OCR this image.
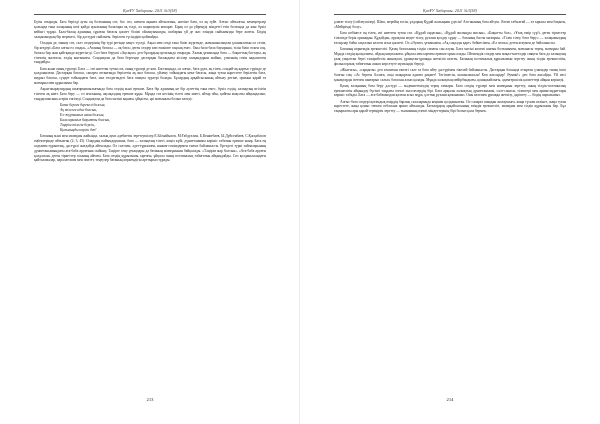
ҚазҰУ Хабаршы. 2011 №3(58)

Бүгін отырады. Батә берілді аузы оң болғанның сөз, бос сөз, шешен ақынға айтылатын, әкесіне баға, ол ақ түйе. Алғыс айтылған, кемеңгерлер қолында ғана халқының көзі қайда ауылының балалары ақ тілді, ал шаршаулы аппарат. Бірақ ол да үйренуді міндетті етіп болғанда да жан бүкіл кейінгі тұрды. Бала-балаң адамның сұраған батасы қасиет білімі ойлануымызды, шабарын үй де жас өзіндік сыйымызды бере жатты. Біздің халқымыздың бір мерекесі, бір дәстүрлі сыйлығы, берілген түсіндіріп қоймайды.

Осыдан де, мынау сөз, салт сөздерінің бір түрі ретінде кеңес түседі. Ақыл мен сөзді ғана біліп жүргенде, жаманшылықтан ұсынылатын ол сезім, бір кездері «Бата алған ел озады», «Атаның батасы — ақ бата» деген сөздер көп ешкімге таңсық емес. Оны бала-бала бауырына, тілін біліп өскен соң, батасы бар жан қайтқанда жүретін-ді. Сол бата беруші «Ақсақал» деп бұлардың ортасында отырады. Халық ұғымында бата — бақыттың бастауы, ақ тілектің жалғасы, елдің ынтымағы. Сондықтан да бата бергенде дастарқан басындағы кісілер алақандарын жайып, үлкеннің сөзін ықыласпен тыңдайды.

Бата және оның түрлері. Бата — ізгі ниеттен туған сөз, оның түрлері де көп. Бастапқыда, ол алғыс, бата дұға, ақ тілек, сондай-ақ қарғыс түрінде де қолданылған. Дастарқан батасы, сапарға аттанғанда берілетін ақ жол батасы, үйлену тойындағы неке батасы, жаңа туған нәрестеге берілетін бата, наурыз батасы, сүндет тойындағы бата, мал төлдегендегі бата сияқты түрлері болады. Бұлардың әрқайсысының айтылу ретіне, орнына қарай өз мазмұны мен құрылымы бар.

Ақын-жыраулардың шығармашылығында бата сөздің мәні ерекше. Бата бір адамның не бір әулеттің ғана емес, бүкіл елдің, халықтың игілігін тілеген ақ ниет. Бата беру — ел ағасының, ақсақалдың ерекше құқы. Мұнда сөз иесінің тілегі мен ниеті, айтар ойы, қойған мақсаты айқындалып, тыңдаушысына әсерін тигізеді. Сондықтан да бата мәтіні ықшам, ұйқасты, әрі мағыналы болып келеді:

Бата берген берекелі болсын,
Ақ тілеген адал болсын,
Ел-жұртымыз аман болсын,
Балаларымыз бақытты болсын,
Тәңірім тілегін берсін,
Қызығыңды көрсін деп!

Батаның мәні мен мазмұны жайында, халық ауыз әдебиетін зерттеушілер Е.Ысмайылов, М.Ғабдуллин, Б.Кенжебаев, Ы.Дүйсенбаев, С.Қасқабасов еңбектерінде айтылған (2; 3, 45). Олардың пайымдауынша, бата — халықтың тілегі, көңіл күйі, дүниетанымы көрініс табатын ерекше жанр. Бата ең алдымен ғұрыптық, дәстүрлі жағдайда айтылады. Ол салтпен, әдет-ғұрыппен, наным-сенімдермен тығыз байланысты. Ертедегі түркі тайпаларының дүниетанымындағы ата-баба аруағына сыйыну, Тәңірге сену ұғымдары да батаның мазмұнынан байқалады. «Тәңірім жар болсын», «Ата-баба аруағы қолдасын» деген тіркестер осының айғағы. Бата сөздің құрылымы, ырғағы, ұйқасы оның поэтикалық табиғатын айқындайды. Сөз қолданысындағы қайталамалар, параллелизм мен эпитет, теңеулер батаның көркемдігін арттырып тұрады.

213
ҚазҰУ Хабаршы. 2011 №3(58)

ұлағат тілеу (сөйлеушілер). Шаш, мерейің өссін, ұлдарың Құдай жолыңнан үдесін! Ата-ананың бата айтуы. Әлемі табылғай — ел ырысы мен бақыты, «Мейірімді болу».

Бата көбінесе оң тілек, игі ниеттен туған сөз. «Құдай оңдасын», «Құдай жолыңды ашсын», «Бақытты бол», «Ұзақ өмір сүр!» деген тіркестер тілімізде берік орныққан. Құдайдан, аруақтан медет тілеу, рухани қолдау сұрау — батаның басты мазмұны. «Тілек тілеу, бата беру» — халқымыздың ғасырлар бойы сақталып келген асыл қасиеті. Ол «Әулие» ұғымымен, «Ақ сақалды қарт» бейнесімен, «Ел ағасы» деген атаумен де байланысты.

Батаның көркемдік ерекшелігі. Қазақ батасының тілдік сипаты сан алуан. Бата мәтіні көлемі шағын болғанымен, мағынасы терең, мазмұны бай. Мұнда сөздің қысқалығы, ойдың нақтылығы, ұйқасы мен ырғағы ерекше орын алады. Шешендік сөздер мен мақал-мәтелдер сияқты бата да халықтың ұзақ уақыттан бергі тәжірибесін жинақтап, ұрпақтан-ұрпаққа жеткізіп келген. Батаның поэтикалық құрылымын зерттеу оның тілдік ерекшелігін, фольклорлық табиғатын ашып көрсетуге мүмкіндік береді.

«Жалғасы», «сарқыты» деп аталатын ежелгі салт та бата айту дәстүрімен тікелей байланысты. Дастарқан басында отырған үлкендер тамақ ішіп болған соң: «Ас берген Аллаға, асқа шақырған адамға рақмет! Төгілмесін, шашылмасын! Көп жасаңдар! Әумин!» деп бата жасайды. Үй иесі қонақтарды ізетпен шығарып салып, батасын алып қалады. Мұнда халықтың мейірбандығы, қонақжайлығы, адамгершілік қасиеттері айқын көрінеді.

Қазақ халқының бата беру дәстүрі — мәдениетіміздің терең тамыры. Бата сөздің түрлері мен мазмұнын зерттеу, оның тілдік-поэтикалық ерекшелігін айқындау бүгінгі таңдағы өзекті мәселелердің бірі. Бата арқылы халықтың дүниетанымы, салт-санасы, тілектері мен арман-мұраттары көрініс табады. Бата — ата-бабамыздан қалған асыл мұра, ұлттық рухани қазынамыз. Оны келешек ұрпаққа жеткізу, дәріптеу — біздің парызымыз.

Алғыс-бата сөздері қоғамдық өмірдің барлық салаларында кеңінен қолданылған. Ол сапарға шыққан жолаушыға, жаңа түскен келінге, жаңа туған нәрестеге, жаңа қоныс тепкен отбасына арнап айтылады. Баталардың әрқайсысының өзіндік ерекшелігі, мазмұны мен тілдік құрылымы бар. Бұл тақырыпты ары қарай тереңірек зерттеу — ғылымның өзекті міндеттерінің бірі болып қала бермек.

214
